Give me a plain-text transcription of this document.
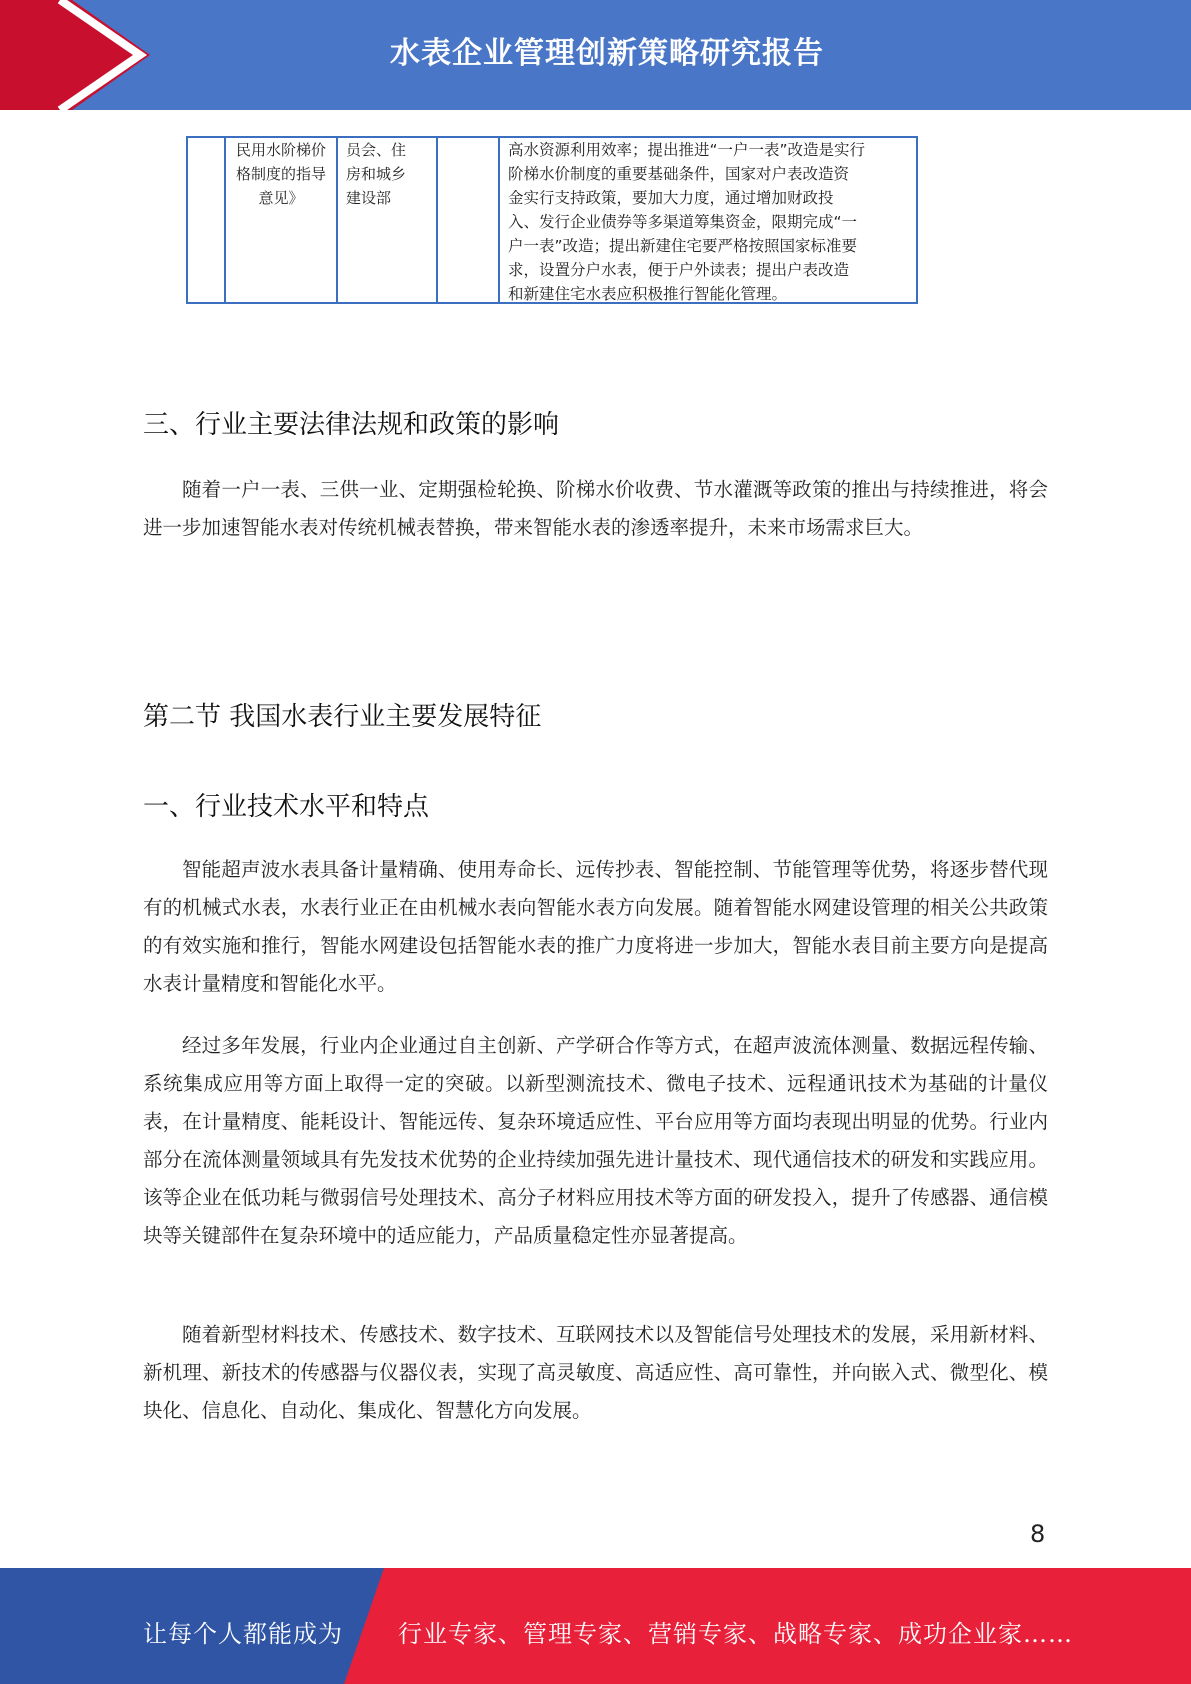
水表企业管理创新策略研究报告
民用水阶梯价
格制度的指导
意见》
员会、住
房和城乡
建设部
高水资源利用效率；提出推进“一户一表”改造是实行
阶梯水价制度的重要基础条件，国家对户表改造资
金实行支持政策，要加大力度，通过增加财政投
入、发行企业债券等多渠道筹集资金，限期完成“一
户一表”改造；提出新建住宅要严格按照国家标准要
求，设置分户水表，便于户外读表；提出户表改造
和新建住宅水表应积极推行智能化管理。
三、行业主要法律法规和政策的影响
随着一户一表、三供一业、定期强检轮换、阶梯水价收费、节水灌溉等政策的推出与持续推进，将会进一步加速智能水表对传统机械表替换，带来智能水表的渗透率提升，未来市场需求巨大。
第二节 我国水表行业主要发展特征
一、行业技术水平和特点
智能超声波水表具备计量精确、使用寿命长、远传抄表、智能控制、节能管理等优势，将逐步替代现有的机械式水表，水表行业正在由机械水表向智能水表方向发展。随着智能水网建设管理的相关公共政策的有效实施和推行，智能水网建设包括智能水表的推广力度将进一步加大，智能水表目前主要方向是提高水表计量精度和智能化水平。
经过多年发展，行业内企业通过自主创新、产学研合作等方式，在超声波流体测量、数据远程传输、系统集成应用等方面上取得一定的突破。以新型测流技术、微电子技术、远程通讯技术为基础的计量仪表，在计量精度、能耗设计、智能远传、复杂环境适应性、平台应用等方面均表现出明显的优势。行业内部分在流体测量领域具有先发技术优势的企业持续加强先进计量技术、现代通信技术的研发和实践应用。该等企业在低功耗与微弱信号处理技术、高分子材料应用技术等方面的研发投入，提升了传感器、通信模块等关键部件在复杂环境中的适应能力，产品质量稳定性亦显著提高。
随着新型材料技术、传感技术、数字技术、互联网技术以及智能信号处理技术的发展，采用新材料、新机理、新技术的传感器与仪器仪表，实现了高灵敏度、高适应性、高可靠性，并向嵌入式、微型化、模块化、信息化、自动化、集成化、智慧化方向发展。
8
让每个人都能成为 行业专家、管理专家、营销专家、战略专家、成功企业家……
